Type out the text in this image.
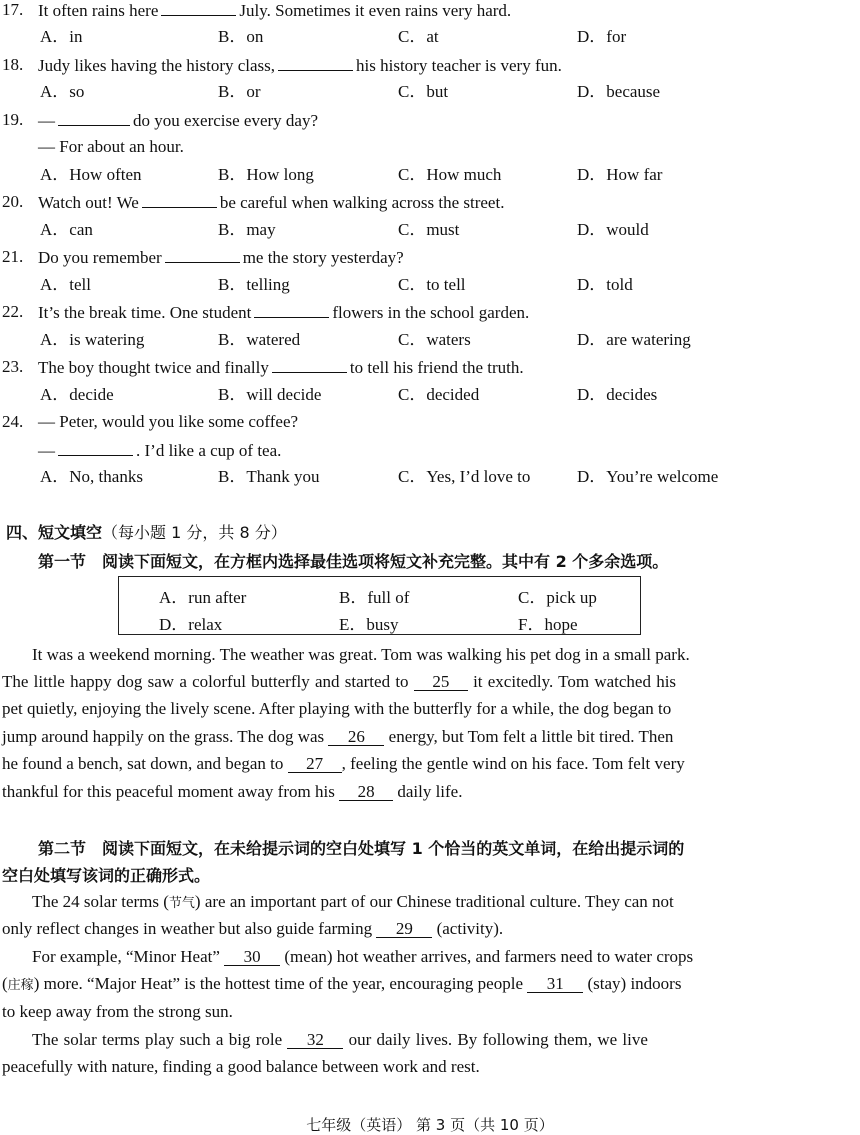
17. It often rains here	July. Sometimes it even rains very hard.
A．in	B．on	C．at	D．for
18. Judy likes having the history class,	his history teacher is very fun.
A．so	B．or	C．but	D．because
19. —	do you exercise every day?
— For about an hour.
A．How often	B．How long	C．How much	D．How far
20. Watch out! We	be careful when walking across the street.
A．can	B．may	C．must	D．would
21. Do you remember	me the story yesterday?
A．tell	B．telling	C．to tell	D．told
22. It’s the break time. One student	flowers in the school garden.
A．is watering	B．watered	C．waters	D．are watering
23. The boy thought twice and finally	to tell his friend the truth.
A．decide	B．will decide	C．decided	D．decides
24. — Peter, would you like some coffee?
—	. I’d like a cup of tea.
A．No, thanks	B．Thank you	C．Yes, I’d love to	D．You’re welcome
四、短文填空（每小题 1 分，共 8 分）
第一节　阅读下面短文，在方框内选择最佳选项将短文补充完整。其中有 2 个多余选项。
A．run after	B．full of	C．pick up
D．relax	E．busy	F．hope
It was a weekend morning. The weather was great. Tom was walking his pet dog in a small park.
The little happy dog saw a colorful butterfly and started to 25 it excitedly. Tom watched his
pet quietly, enjoying the lively scene. After playing with the butterfly for a while, the dog began to
jump around happily on the grass. The dog was 26 energy, but Tom felt a little bit tired. Then
he found a bench, sat down, and began to 27 , feeling the gentle wind on his face. Tom felt very
thankful for this peaceful moment away from his 28 daily life.
第二节　阅读下面短文，在未给提示词的空白处填写 1 个恰当的英文单词，在给出提示词的
空白处填写该词的正确形式。
The 24 solar terms (节气) are an important part of our Chinese traditional culture. They can not
only reflect changes in weather but also guide farming 29 (activity).
For example, “Minor Heat” 30 (mean) hot weather arrives, and farmers need to water crops
(庄稼) more. “Major Heat” is the hottest time of the year, encouraging people 31 (stay) indoors
to keep away from the strong sun.
The solar terms play such a big role 32 our daily lives. By following them, we live
peacefully with nature, finding a good balance between work and rest.
七年级（英语） 第 3 页（共 10 页）
